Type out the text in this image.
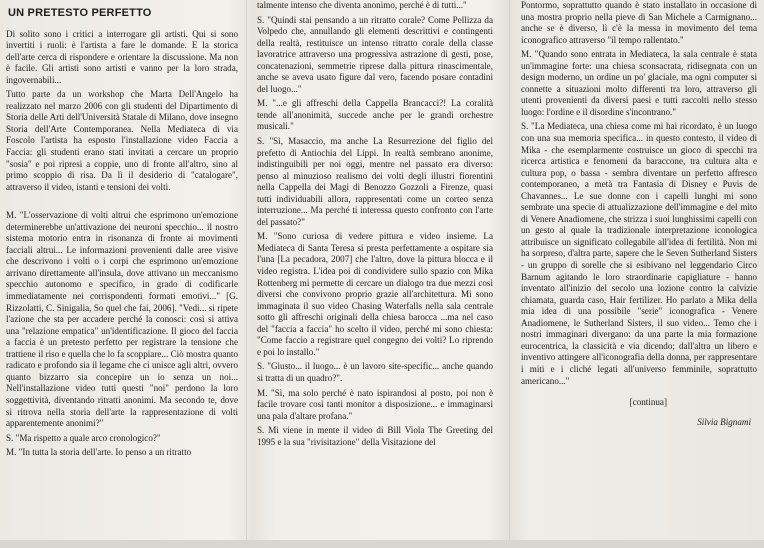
UN PRETESTO PERFETTO

Di solito sono i critici a interrogare gli artisti. Qui si sono invertiti i ruoli: è l'artista a fare le domande. E la storica dell'arte cerca di rispondere e orientare la discussione. Ma non è facile. Gli artisti sono artisti e vanno per la loro strada, ingovernabili...

Tutto parte da un workshop che Marta Dell'Angelo ha realizzato nel marzo 2006 con gli studenti del Dipartimento di Storia delle Arti dell'Università Statale di Milano, dove insegno Storia dell'Arte Contemporanea. Nella Mediateca di via Foscolo l'artista ha esposto l'installazione video Faccia a Faccia: gli studenti erano stati invitati a cercare un proprio "sosia" e poi ripresi a coppie, uno di fronte all'altro, sino al primo scoppio di risa. Da lì il desiderio di "catalogare", attraverso il video, istanti e tensioni dei volti.

M. "L'osservazione di volti altrui che esprimono un'emozione determinerebbe un'attivazione dei neuroni specchio... il nostro sistema motorio entra in risonanza di fronte ai movimenti facciali altrui... Le informazioni provenienti dalle aree visive che descrivono i volti o i corpi che esprimono un'emozione arrivano direttamente all'insula, dove attivano un meccanismo specchio autonomo e specifico, in grado di codificarle immediatamente nei corrispondenti formati emotivi..." [G. Rizzolatti, C. Sinigalia, So quel che fai, 2006]. "Vedi... si ripete l'azione che sta per accadere perché la conosci: così si attiva una "relazione empatica" un'identificazione. Il gioco del faccia a faccia è un pretesto perfetto per registrare la tensione che trattiene il riso e quella che lo fa scoppiare... Ciò mostra quanto radicato e profondo sia il legame che ci unisce agli altri, ovvero quanto bizzarro sia concepire un io senza un noi... Nell'installazione video tutti questi "noi" perdono la loro soggettività, diventando ritratti anonimi. Ma secondo te, dove si ritrova nella storia dell'arte la rappresentazione di volti apparentemente anonimi?"

S. "Ma rispetto a quale arco cronologico?"

M. "In tutta la storia dell'arte. Io penso a un ritratto

talmente intenso che diventa anonimo, perché è di tutti..."

S. "Quindi stai pensando a un ritratto corale? Come Pellizza da Volpedo che, annullando gli elementi descrittivi e contingenti della realtà, restituisce un intenso ritratto corale della classe lavoratrice attraverso una progressiva astrazione di gesti, pose, concatenazioni, semmetrie riprese dalla pittura rinascimentale, anche se aveva usato figure dal vero, facendo posare contadini del luogo..."

M. "...e gli affreschi della Cappella Brancacci?! La coralità tende all'anonimità, succede anche per le grandi orchestre musicali."

S. "Sì, Masaccio, ma anche La Resurrezione del figlio del prefetto di Antiochia del Lippi. In realtà sembrano anonime, indistinguibili per noi oggi, mentre nel passato era diverso: penso al minuzioso realismo dei volti degli illustri fiorentini nella Cappella dei Magi di Benozzo Gozzoli a Firenze, quasi tutti individuabili allora, rappresentati come un corteo senza interruzione... Ma perché ti interessa questo confronto con l'arte del passato?"

M. "Sono curiosa di vedere pittura e video insieme. La Mediateca di Santa Teresa si presta perfettamente a ospitare sia l'una [La pecadora, 2007] che l'altro, dove la pittura blocca e il video registra. L'idea poi di condividere sullo spazio con Mika Rottenberg mi permette di cercare un dialogo tra due mezzi così diversi che convivono proprio grazie all'architettura. Mi sono immaginata il suo video Chasing Waterfalls nella sala centrale sotto gli affreschi originali della chiesa barocca ...ma nel caso del "faccia a faccia" ho scelto il video, perché mi sono chiesta: "Come faccio a registrare quel congegno dei volti? Lo riprendo e poi lo installo."

S. "Giusto... il luogo... è un lavoro site-specific... anche quando si tratta di un quadro?".

M. "Sì, ma solo perché è nato ispirandosi al posto, poi non è facile trovare così tanti monitor a disposizione... e immaginarsi una pala d'altare profana."

S. Mi viene in mente il video di Bill Viola The Greeting del 1995 e la sua "rivisitazione" della Visitazione del

Pontormo, soprattutto quando è stato installato in occasione di una mostra proprio nella pieve di San Michele a Carmignano... anche se è diverso, lì c'è la messa in movimento del tema iconografico attraverso "il tempo rallentato."

M. "Quando sono entrata in Mediateca, la sala centrale è stata un'immagine forte: una chiesa sconsacrata, ridisegnata con un design moderno, un ordine un po' glaciale, ma ogni computer si connette a situazioni molto differenti tra loro, attraverso gli utenti provenienti da diversi paesi e tutti raccolti nello stesso luogo: l'ordine e il disordine s'incontrano."

S. "La Mediateca, una chiesa come mi hai ricordato, è un luogo con una sua memoria specifica... in questo contesto, il video di Mika - che esemplarmente costruisce un gioco di specchi tra ricerca artistica e fenomeni da baraccone, tra cultura alta e cultura pop, o bassa - sembra diventare un perfetto affresco contemporaneo, a metà tra Fantasia di Disney e Puvis de Chavannes... Le sue donne con i capelli lunghi mi sono sembrate una specie di attualizzazione dell'immagine e del mito di Venere Anadiomene, che strizza i suoi lunghissimi capelli con un gesto al quale la tradizionale interpretazione iconologica attribuisce un significato collegabile all'idea di fertilità. Non mi ha sorpreso, d'altra parte, sapere che le Seven Sutherland Sisters - un gruppo di sorelle che si esibivano nel leggendario Circo Barnum agitando le loro straordinarie capigliature - hanno inventato all'inizio del secolo una lozione contro la calvizie chiamata, guarda caso, Hair fertilizer. Ho parlato a Mika della mia idea di una possibile "serie" iconografica - Venere Anadiomene, le Sutherland Sisters, il suo video... Temo che i nostri immaginari divergano: da una parte la mia formazione eurocentrica, la classicità e via dicendo; dall'altra un libero e inventivo attingere all'iconografia della donna, per rappresentare i miti e i cliché legati all'universo femminile, soprattutto americano..."

[continua]

Silvia Bignami
